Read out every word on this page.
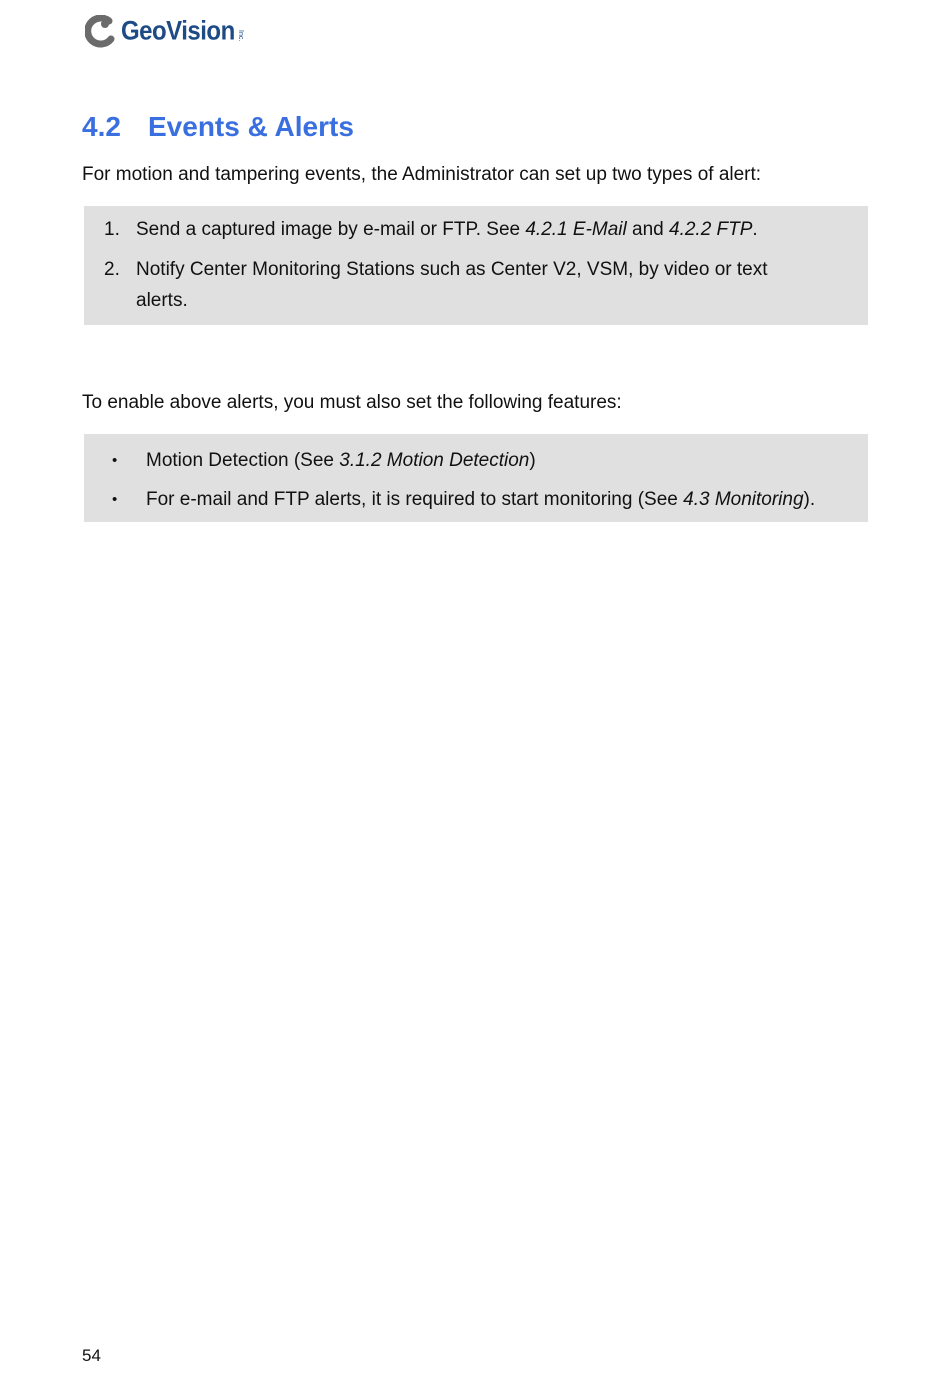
GeoVision Inc.
4.2 Events & Alerts
For motion and tampering events, the Administrator can set up two types of alert:
1. Send a captured image by e-mail or FTP. See 4.2.1 E-Mail and 4.2.2 FTP.
2. Notify Center Monitoring Stations such as Center V2, VSM, by video or text
alerts.
To enable above alerts, you must also set the following features:
• Motion Detection (See 3.1.2 Motion Detection)
• For e-mail and FTP alerts, it is required to start monitoring (See 4.3 Monitoring).
54
